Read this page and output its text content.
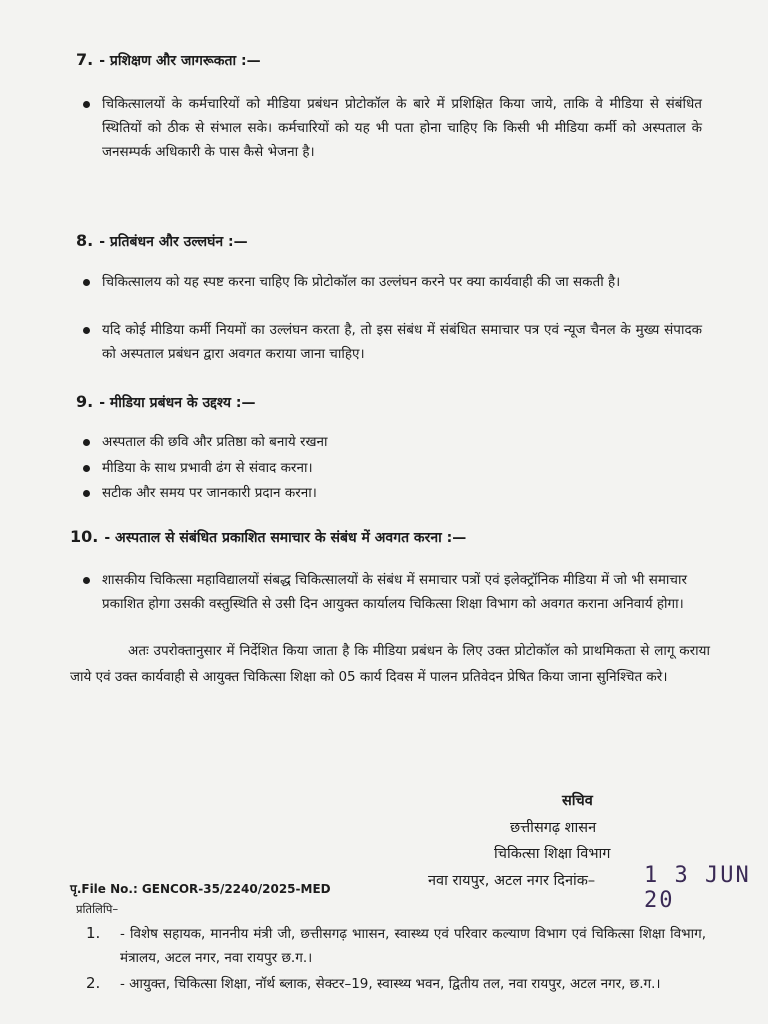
7. - प्रशिक्षण और जागरूकता :—
चिकित्सालयों के कर्मचारियों को मीडिया प्रबंधन प्रोटोकॉल के बारे में प्रशिक्षित किया जाये, ताकि वे मीडिया से संबंधित स्थितियों को ठीक से संभाल सके। कर्मचारियों को यह भी पता होना चाहिए कि किसी भी मीडिया कर्मी को अस्पताल के जनसम्पर्क अधिकारी के पास कैसे भेजना है।
8. - प्रतिबंधन और उल्लघंन :—
चिकित्सालय को यह स्पष्ट करना चाहिए कि प्रोटोकॉल का उल्लंघन करने पर क्या कार्यवाही की जा सकती है।
यदि कोई मीडिया कर्मी नियमों का उल्लंघन करता है, तो इस संबंध में संबंधित समाचार पत्र एवं न्यूज चैनल के मुख्य संपादक को अस्पताल प्रबंधन द्वारा अवगत कराया जाना चाहिए।
9. - मीडिया प्रबंधन के उद्दश्य :—
अस्पताल की छवि और प्रतिष्ठा को बनाये रखना
मीडिया के साथ प्रभावी ढंग से संवाद करना।
सटीक और समय पर जानकारी प्रदान करना।
10. - अस्पताल से संबंधित प्रकाशित समाचार के संबंध में अवगत करना :—
शासकीय चिकित्सा महाविद्यालयों संबद्ध चिकित्सालयों के संबंध में समाचार पत्रों एवं इलेक्ट्रॉनिक मीडिया में जो भी समाचार प्रकाशित होगा उसकी वस्तुस्थिति से उसी दिन आयुक्त कार्यालय चिकित्सा शिक्षा विभाग को अवगत कराना अनिवार्य होगा।
अतः उपरोक्तानुसार में निर्देशित किया जाता है कि मीडिया प्रबंधन के लिए उक्त प्रोटोकॉल को प्राथमिकता से लागू कराया जाये एवं उक्त कार्यवाही से आयुक्त चिकित्सा शिक्षा को 05 कार्य दिवस में पालन प्रतिवेदन प्रेषित किया जाना सुनिश्चित करे।
सचिव
छत्तीसगढ़ शासन
चिकित्सा शिक्षा विभाग
नवा रायपुर, अटल नगर दिनांक– 1 3 JUN 20
पृ.File No.: GENCOR-35/2240/2025-MED
प्रतिलिपि–
1. - विशेष सहायक, माननीय मंत्री जी, छत्तीसगढ़ भाासन, स्वास्थ्य एवं परिवार कल्याण विभाग एवं चिकित्सा शिक्षा विभाग, मंत्रालय, अटल नगर, नवा रायपुर छ.ग.।
2. - आयुक्त, चिकित्सा शिक्षा, नॉर्थ ब्लाक, सेक्टर–19, स्वास्थ्य भवन, द्वितीय तल, नवा रायपुर, अटल नगर, छ.ग.।
